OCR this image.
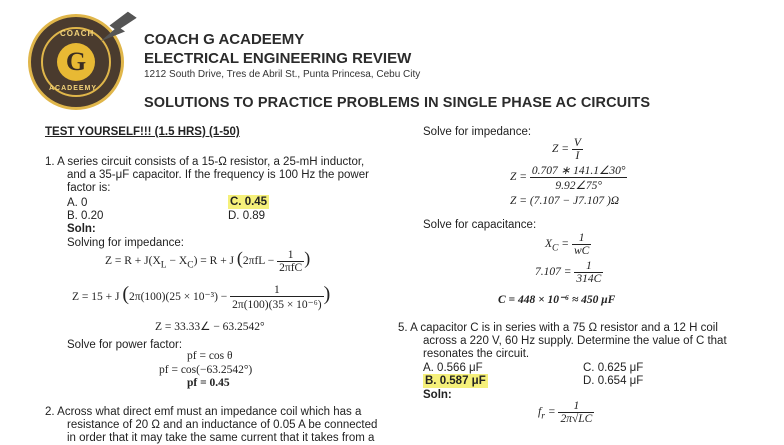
COACH
G
ACADEEMY
COACH G ACADEEMY
ELECTRICAL ENGINEERING REVIEW
1212 South Drive, Tres de Abril St., Punta Princesa, Cebu City
SOLUTIONS TO PRACTICE PROBLEMS IN SINGLE PHASE AC CIRCUITS
TEST YOURSELF!!! (1.5 HRS) (1-50)
1. A series circuit consists of a 15-Ω resistor, a 25-mH inductor,
and a 35-μF capacitor. If the frequency is 100 Hz the power
factor is:
A. 0	C. 0.45
B. 0.20	D. 0.89
Soln:
Solving for impedance:
$Z = R + J(X_L - X_C) = R + J$ ($2\pi fL - \frac{1}{\text{2πfC}}$ )
Z = 15 + J ($2\pi(100)(25 \times 10^{-3}) - \frac{1}{\text{2π(100)(35 × 10⁻⁶)}}$ )
Z = 33.33∠ − 63.2542°
Solve for power factor:
pf = cos θ
pf = cos(−63.2542°)
pf = 0.45
2. Across what direct emf must an impedance coil which has a
resistance of 20 Ω and an inductance of 0.05 A be connected
in order that it may take the same current that it takes from a
Solve for impedance:
$Z = \frac{V}{I}$
$Z = \frac{0.707 ∗ 141.1\angle 30^\circ}{9.92\angle 75^\circ}$
Z = (7.107 − J7.107 )Ω
Solve for capacitance:
$X_C = \frac{1}{wC}$
$7.107 = \frac{1}{314C}$
C = 448 × 10⁻⁶ ≈ 450 μF
5. A capacitor C is in series with a 75 Ω resistor and a 12 H coil
across a 220 V, 60 Hz supply. Determine the value of C that
resonates the circuit.
A. 0.566 μF	C. 0.625 μF
B. 0.587 μF	D. 0.654 μF
Soln:
$f_r = \frac{1}{2\pi√LC}$
